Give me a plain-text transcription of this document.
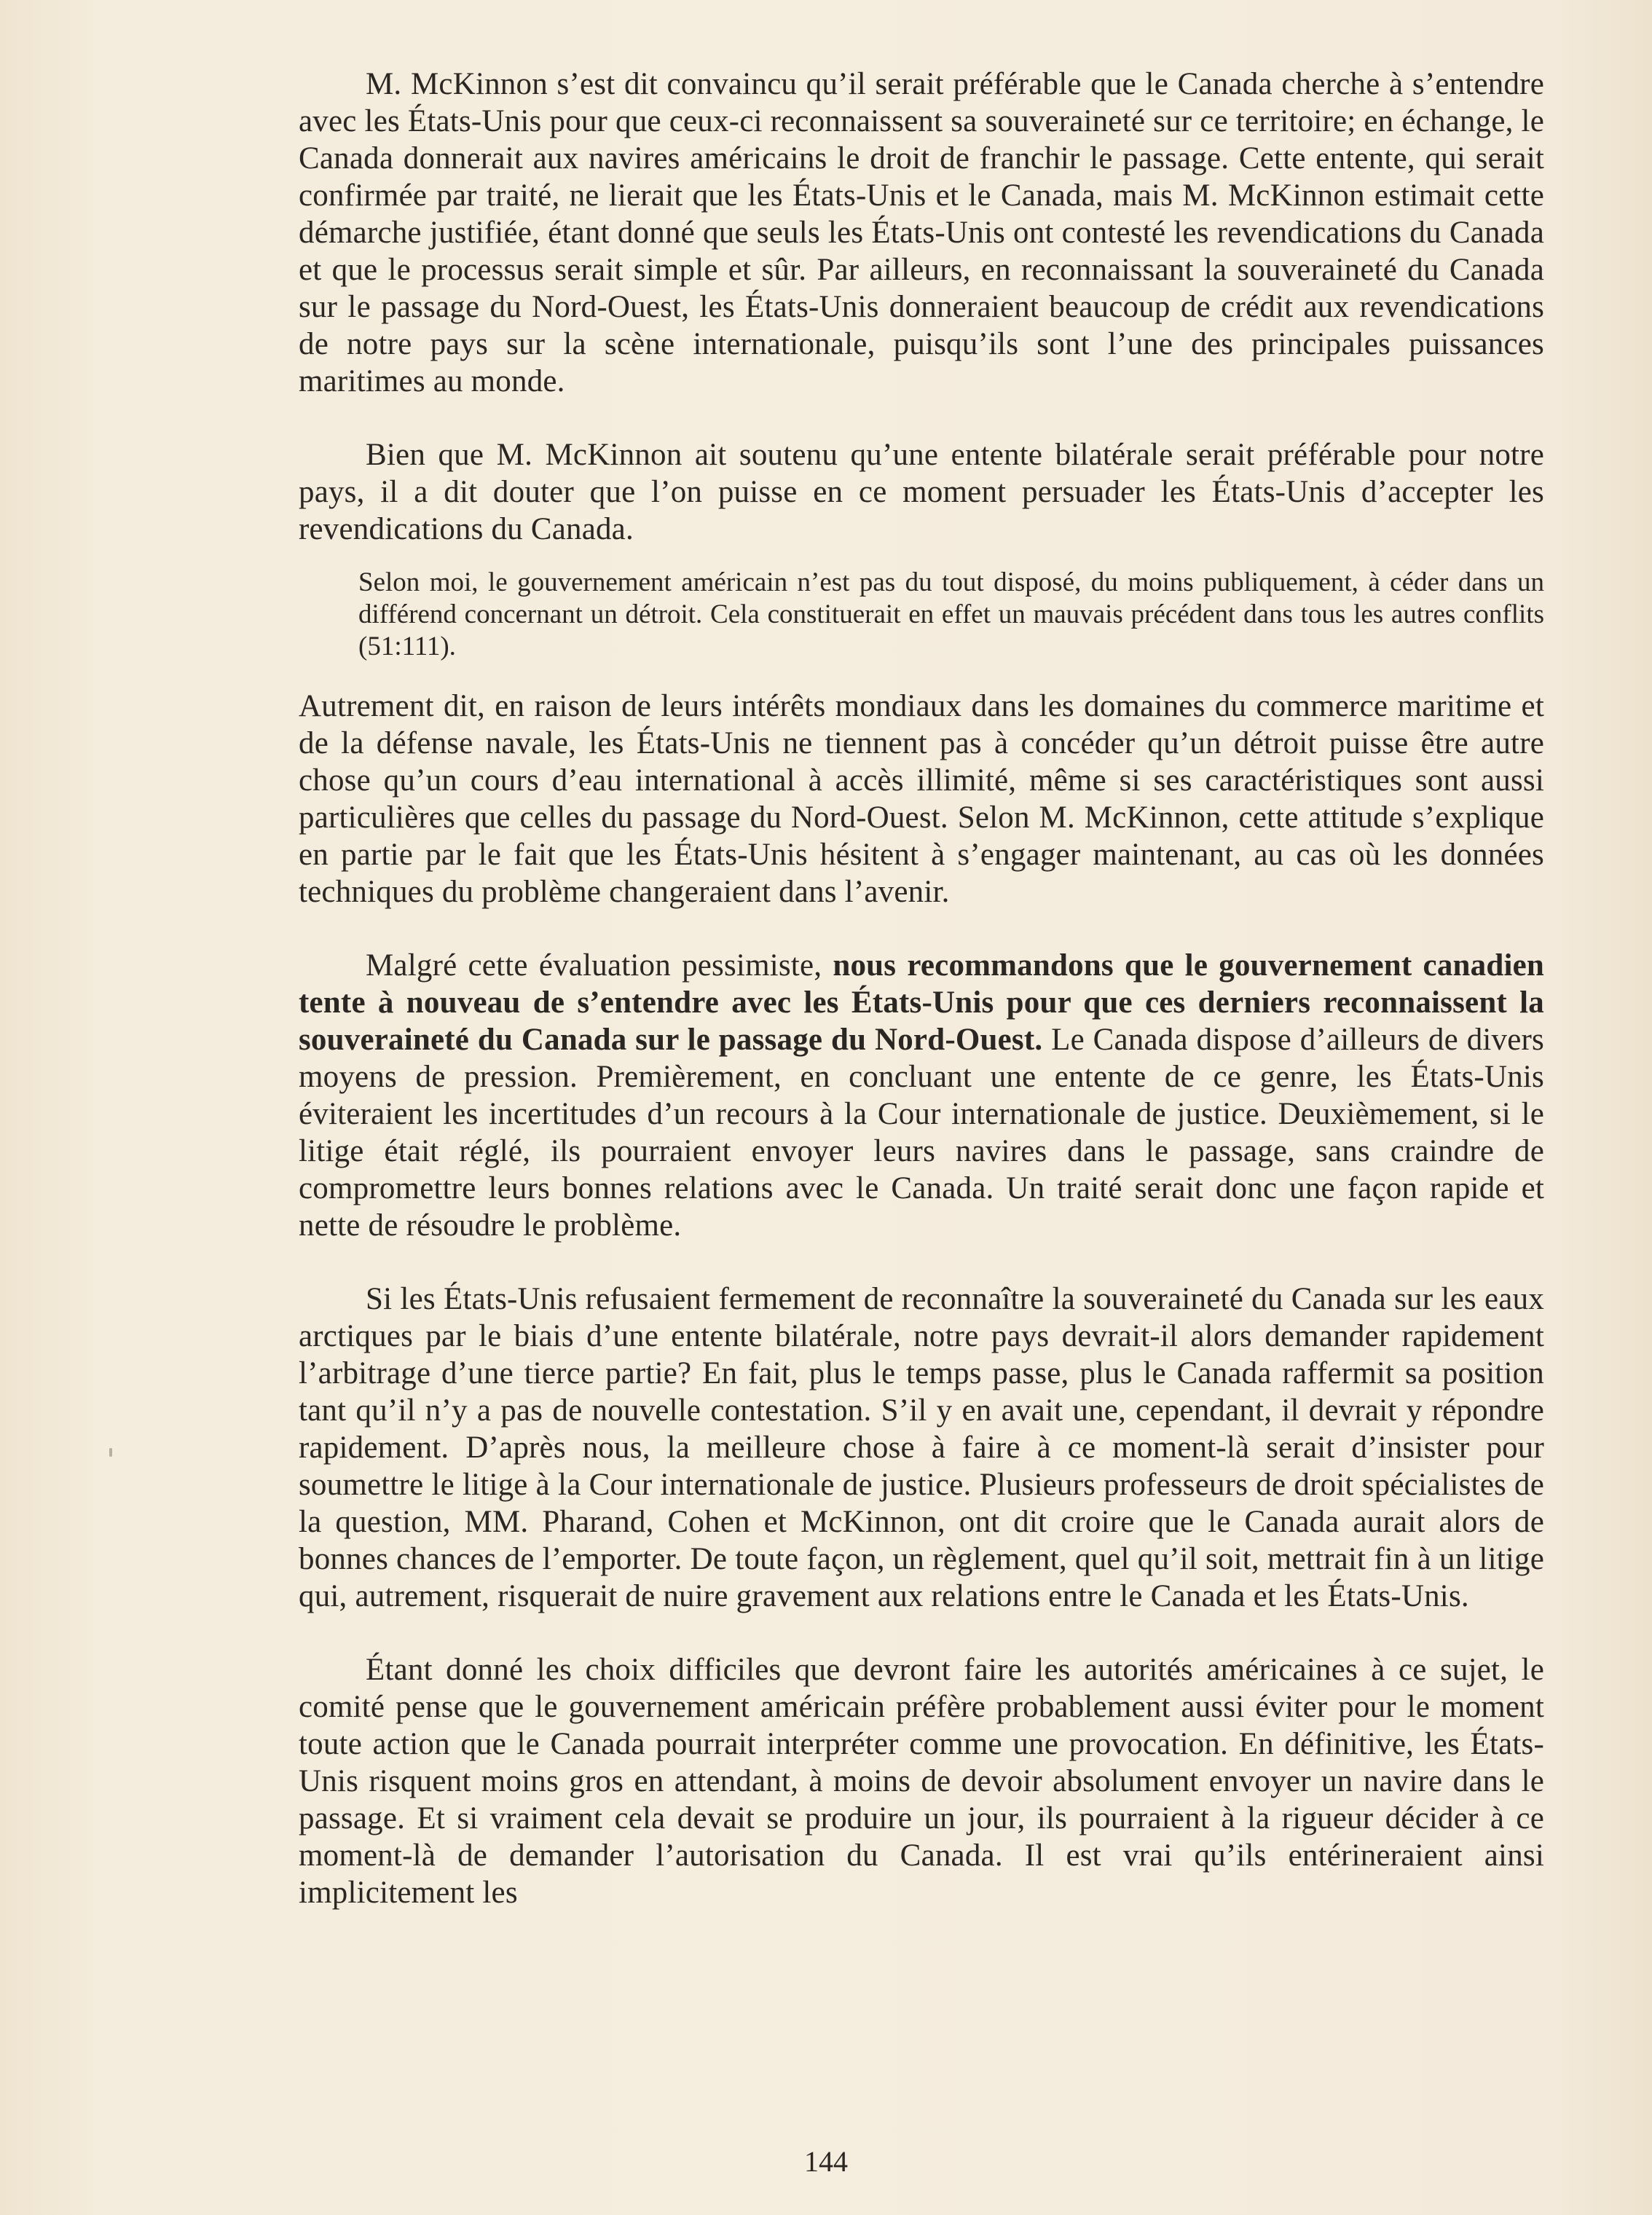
M. McKinnon s’est dit convaincu qu’il serait préférable que le Canada cherche à s’entendre avec les États-Unis pour que ceux-ci reconnaissent sa souveraineté sur ce territoire; en échange, le Canada donnerait aux navires américains le droit de franchir le passage. Cette entente, qui serait confirmée par traité, ne lierait que les États-Unis et le Canada, mais M. McKinnon estimait cette démarche justifiée, étant donné que seuls les États-Unis ont contesté les revendications du Canada et que le processus serait simple et sûr. Par ailleurs, en reconnaissant la souveraineté du Canada sur le passage du Nord-Ouest, les États-Unis donneraient beaucoup de crédit aux revendications de notre pays sur la scène internationale, puisqu’ils sont l’une des principales puissances maritimes au monde.

Bien que M. McKinnon ait soutenu qu’une entente bilatérale serait préférable pour notre pays, il a dit douter que l’on puisse en ce moment persuader les États-Unis d’accepter les revendications du Canada.

Selon moi, le gouvernement américain n’est pas du tout disposé, du moins publiquement, à céder dans un différend concernant un détroit. Cela constituerait en effet un mauvais précédent dans tous les autres conflits (51:111).

Autrement dit, en raison de leurs intérêts mondiaux dans les domaines du commerce maritime et de la défense navale, les États-Unis ne tiennent pas à concéder qu’un détroit puisse être autre chose qu’un cours d’eau international à accès illimité, même si ses caractéristiques sont aussi particulières que celles du passage du Nord-Ouest. Selon M. McKinnon, cette attitude s’explique en partie par le fait que les États-Unis hésitent à s’engager maintenant, au cas où les données techniques du problème changeraient dans l’avenir.

Malgré cette évaluation pessimiste, nous recommandons que le gouvernement canadien tente à nouveau de s’entendre avec les États-Unis pour que ces derniers reconnaissent la souveraineté du Canada sur le passage du Nord-Ouest. Le Canada dispose d’ailleurs de divers moyens de pression. Premièrement, en concluant une entente de ce genre, les États-Unis éviteraient les incertitudes d’un recours à la Cour internationale de justice. Deuxièmement, si le litige était réglé, ils pourraient envoyer leurs navires dans le passage, sans craindre de compromettre leurs bonnes relations avec le Canada. Un traité serait donc une façon rapide et nette de résoudre le problème.

Si les États-Unis refusaient fermement de reconnaître la souveraineté du Canada sur les eaux arctiques par le biais d’une entente bilatérale, notre pays devrait-il alors demander rapidement l’arbitrage d’une tierce partie? En fait, plus le temps passe, plus le Canada raffermit sa position tant qu’il n’y a pas de nouvelle contestation. S’il y en avait une, cependant, il devrait y répondre rapidement. D’après nous, la meilleure chose à faire à ce moment-là serait d’insister pour soumettre le litige à la Cour internationale de justice. Plusieurs professeurs de droit spécialistes de la question, MM. Pharand, Cohen et McKinnon, ont dit croire que le Canada aurait alors de bonnes chances de l’emporter. De toute façon, un règlement, quel qu’il soit, mettrait fin à un litige qui, autrement, risquerait de nuire gravement aux relations entre le Canada et les États-Unis.

Étant donné les choix difficiles que devront faire les autorités américaines à ce sujet, le comité pense que le gouvernement américain préfère probablement aussi éviter pour le moment toute action que le Canada pourrait interpréter comme une provocation. En définitive, les États-Unis risquent moins gros en attendant, à moins de devoir absolument envoyer un navire dans le passage. Et si vraiment cela devait se produire un jour, ils pourraient à la rigueur décider à ce moment-là de demander l’autorisation du Canada. Il est vrai qu’ils entérineraient ainsi implicitement les

144
